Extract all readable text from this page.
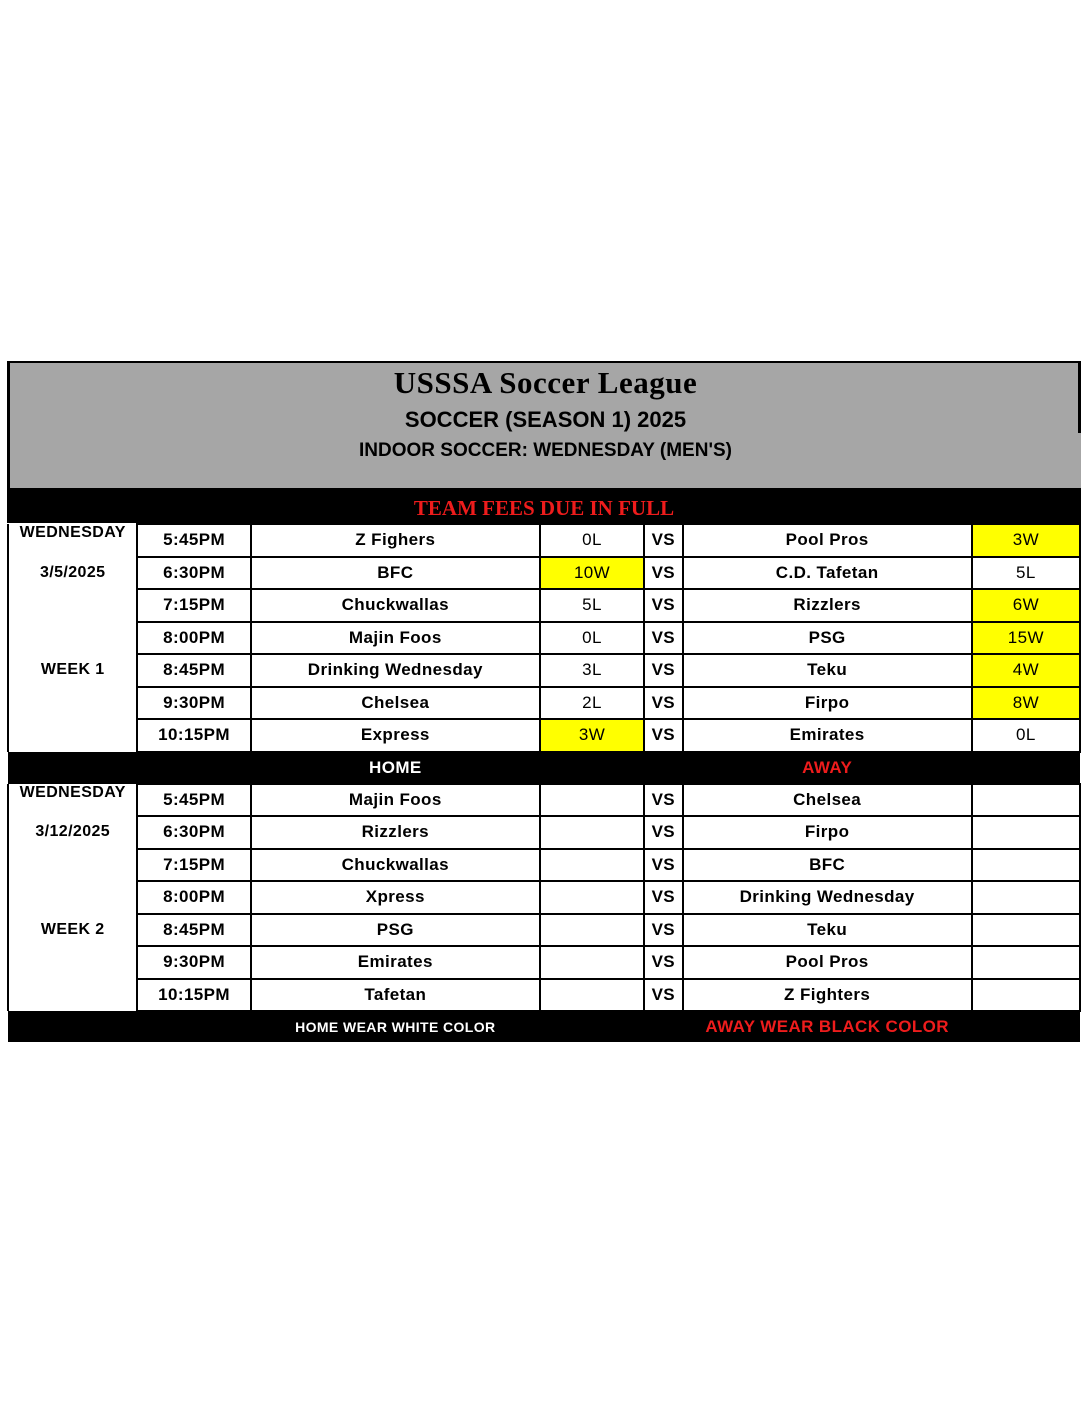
USSSA Soccer League
SOCCER (SEASON 1) 2025
INDOOR SOCCER: WEDNESDAY (MEN'S)
TEAM FEES DUE IN FULL
WEDNESDAY	5:45PM	Z Fighers	0L	VS	Pool Pros	3W
3/5/2025	6:30PM	BFC	10W	VS	C.D. Tafetan	5L
	7:15PM	Chuckwallas	5L	VS	Rizzlers	6W
	8:00PM	Majin Foos	0L	VS	PSG	15W
WEEK 1	8:45PM	Drinking Wednesday	3L	VS	Teku	4W
	9:30PM	Chelsea	2L	VS	Firpo	8W
	10:15PM	Express	3W	VS	Emirates	0L
		HOME			AWAY	
WEDNESDAY	5:45PM	Majin Foos		VS	Chelsea	
3/12/2025	6:30PM	Rizzlers		VS	Firpo	
	7:15PM	Chuckwallas		VS	BFC	
	8:00PM	Xpress		VS	Drinking Wednesday	
WEEK 2	8:45PM	PSG		VS	Teku	
	9:30PM	Emirates		VS	Pool Pros	
	10:15PM	Tafetan		VS	Z Fighters	
		HOME WEAR WHITE COLOR			AWAY WEAR BLACK COLOR	
